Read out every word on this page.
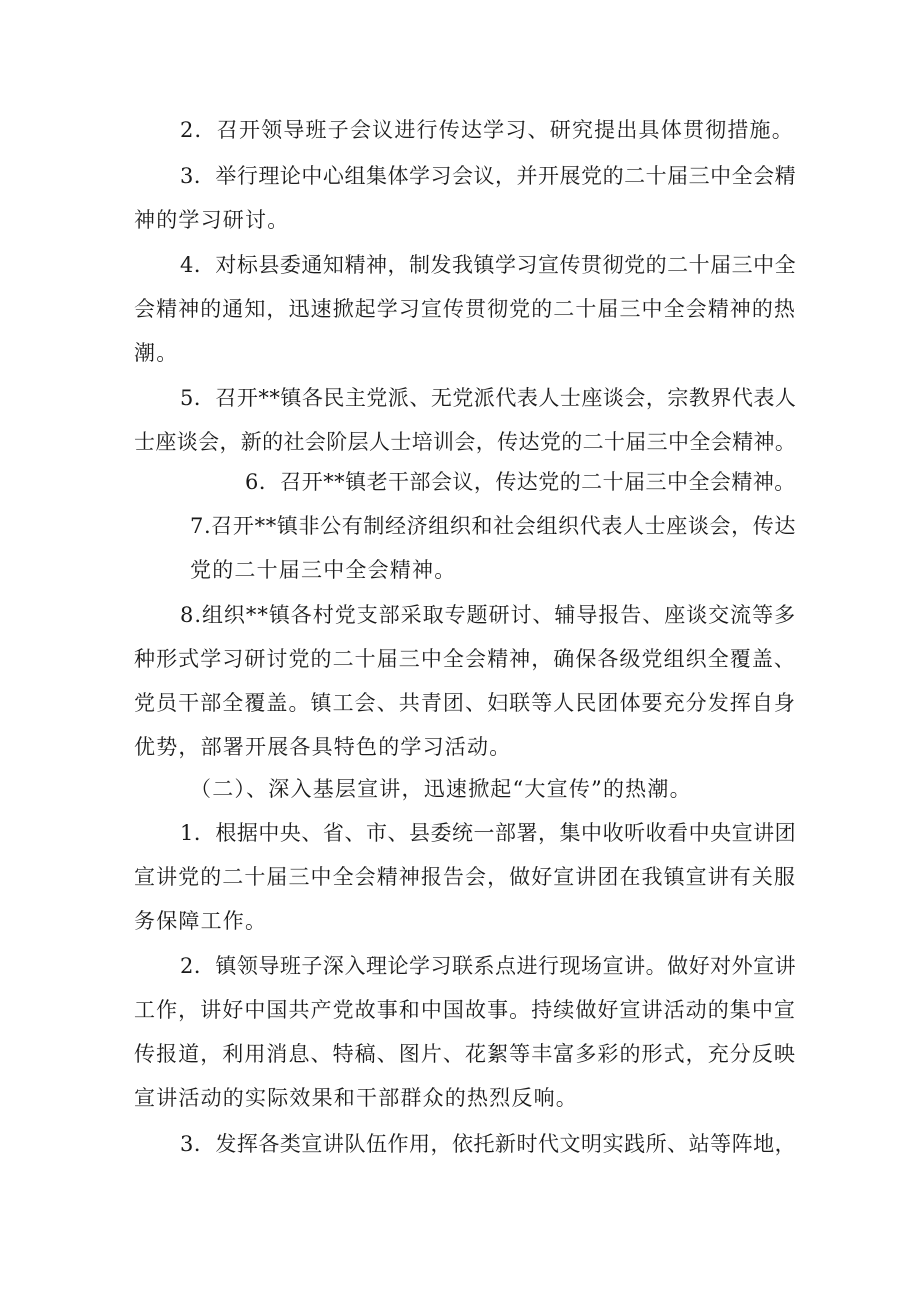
2．召开领导班子会议进行传达学习、研究提出具体贯彻措施。
3．举行理论中心组集体学习会议，并开展党的二十届三中全会精
神的学习研讨。
4．对标县委通知精神，制发我镇学习宣传贯彻党的二十届三中全
会精神的通知，迅速掀起学习宣传贯彻党的二十届三中全会精神的热
潮。
5．召开**镇各民主党派、无党派代表人士座谈会，宗教界代表人
士座谈会，新的社会阶层人士培训会，传达党的二十届三中全会精神。
6．召开**镇老干部会议，传达党的二十届三中全会精神。
7.召开**镇非公有制经济组织和社会组织代表人士座谈会，传达
党的二十届三中全会精神。
8.组织**镇各村党支部采取专题研讨、辅导报告、座谈交流等多
种形式学习研讨党的二十届三中全会精神，确保各级党组织全覆盖、
党员干部全覆盖。镇工会、共青团、妇联等人民团体要充分发挥自身
优势，部署开展各具特色的学习活动。
（二）、深入基层宣讲，迅速掀起“大宣传”的热潮。
1．根据中央、省、市、县委统一部署，集中收听收看中央宣讲团
宣讲党的二十届三中全会精神报告会，做好宣讲团在我镇宣讲有关服
务保障工作。
2．镇领导班子深入理论学习联系点进行现场宣讲。做好对外宣讲
工作，讲好中国共产党故事和中国故事。持续做好宣讲活动的集中宣
传报道，利用消息、特稿、图片、花絮等丰富多彩的形式，充分反映
宣讲活动的实际效果和干部群众的热烈反响。
3．发挥各类宣讲队伍作用，依托新时代文明实践所、站等阵地，
